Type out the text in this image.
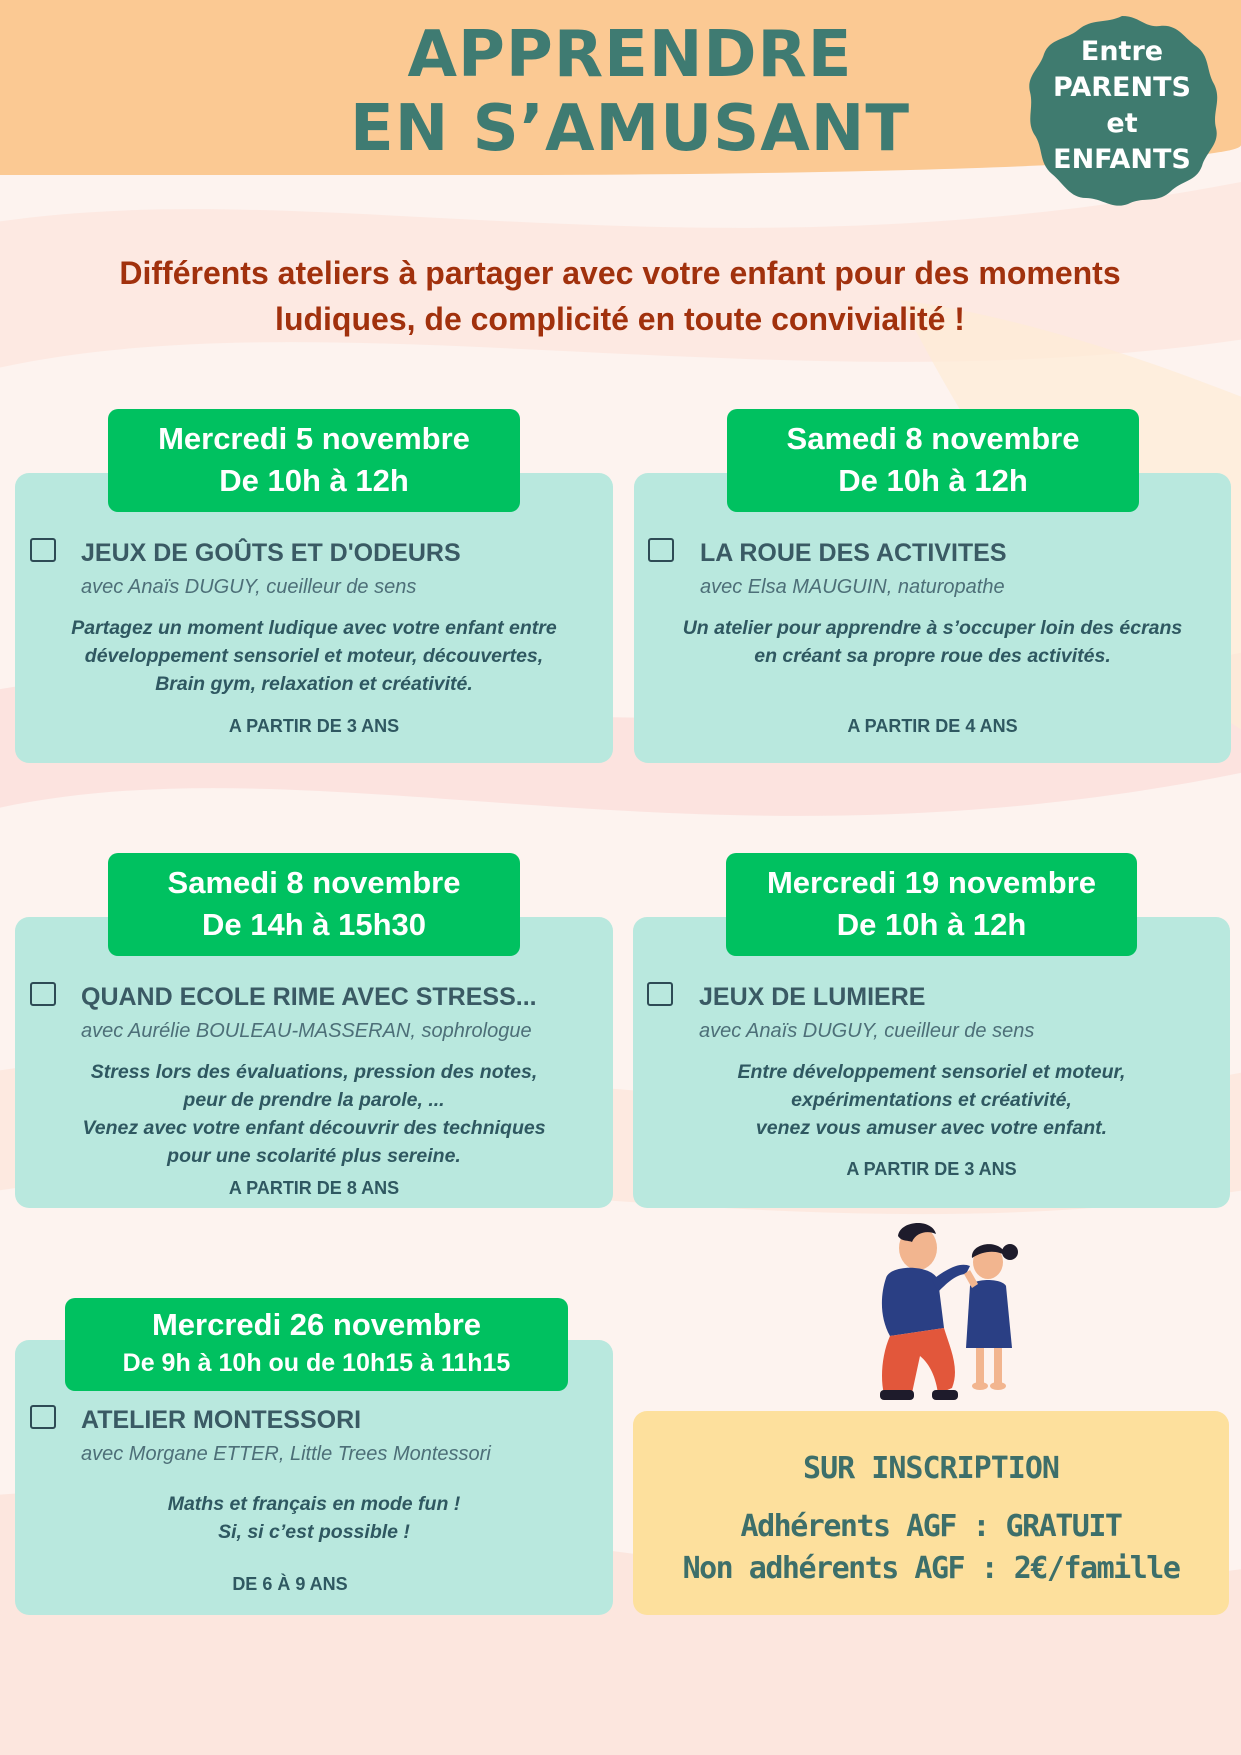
APPRENDRE
EN S’AMUSANT
Entre
PARENTS
et
ENFANTS
Différents ateliers à partager avec votre enfant pour des moments
ludiques, de complicité en toute convivialité !
Mercredi 5 novembre
De 10h à 12h
JEUX DE GOÛTS ET D'ODEURS
avec Anaïs DUGUY, cueilleur de sens
Partagez un moment ludique avec votre enfant entre
développement sensoriel et moteur, découvertes,
Brain gym, relaxation et créativité.
A PARTIR DE 3 ANS
Samedi 8 novembre
De 10h à 12h
LA ROUE DES ACTIVITES
avec Elsa MAUGUIN, naturopathe
Un atelier pour apprendre à s’occuper loin des écrans
en créant sa propre roue des activités.
A PARTIR DE 4 ANS
Samedi 8 novembre
De 14h à 15h30
QUAND ECOLE RIME AVEC STRESS...
avec Aurélie BOULEAU-MASSERAN, sophrologue
Stress lors des évaluations, pression des notes,
peur de prendre la parole, ...
Venez avec votre enfant découvrir des techniques
pour une scolarité plus sereine.
A PARTIR DE 8 ANS
Mercredi 19 novembre
De 10h à 12h
JEUX DE LUMIERE
avec Anaïs DUGUY, cueilleur de sens
Entre développement sensoriel et moteur,
expérimentations et créativité,
venez vous amuser avec votre enfant.
A PARTIR DE 3 ANS
Mercredi 26 novembre
De 9h à 10h ou de 10h15 à 11h15
ATELIER MONTESSORI
avec Morgane ETTER, Little Trees Montessori
Maths et français en mode fun !
Si, si c’est possible !
DE 6 À 9 ANS
SUR INSCRIPTION
Adhérents AGF : GRATUIT
Non adhérents AGF : 2€/famille
